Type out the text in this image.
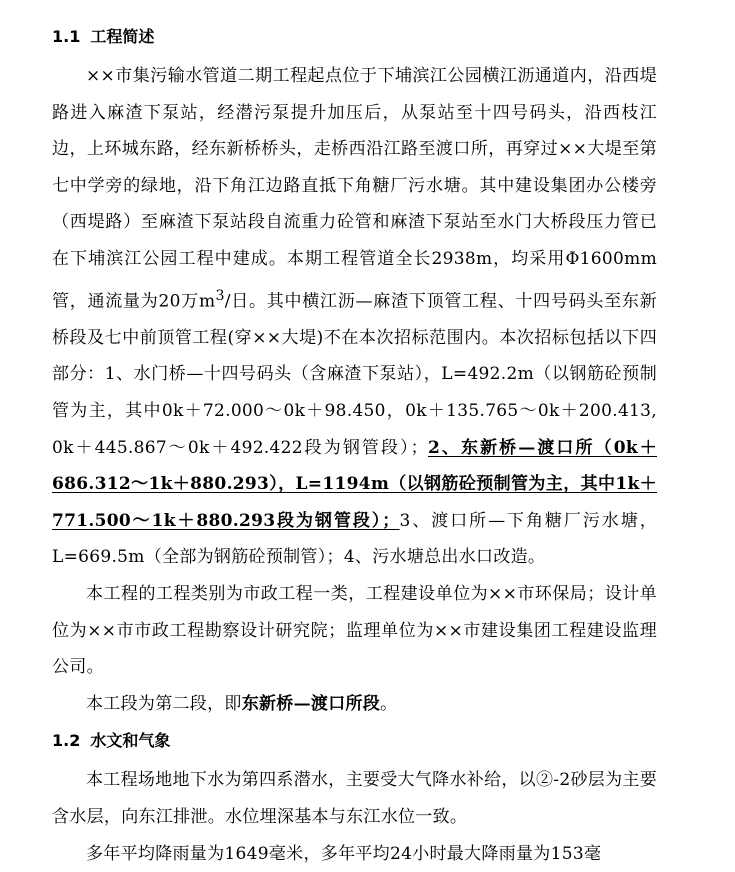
1.1 工程简述

××市集污输水管道二期工程起点位于下埔滨江公园横江沥通道内，沿西堤路进入麻渣下泵站，经潜污泵提升加压后，从泵站至十四号码头，沿西枝江边，上环城东路，经东新桥桥头，走桥西沿江路至渡口所，再穿过××大堤至第七中学旁的绿地，沿下角江边路直抵下角糖厂污水塘。其中建设集团办公楼旁（西堤路）至麻渣下泵站段自流重力砼管和麻渣下泵站至水门大桥段压力管已在下埔滨江公园工程中建成。本期工程管道全长2938m，均采用Φ1600mm管，通流量为20万$m^3/$日。其中横江沥—麻渣下顶管工程、十四号码头至东新桥段及七中前顶管工程(穿××大堤)不在本次招标范围内。本次招标包括以下四部分：1、水门桥—十四号码头（含麻渣下泵站），L=492.2m（以钢筋砼预制管为主，其中0k＋72.000～0k＋98.450，0k＋135.765～0k＋200.413, 0k＋445.867～0k＋492.422段为钢管段）；2、东新桥—渡口所（0k＋686.312～1k＋880.293），L=1194m（以钢筋砼预制管为主，其中1k＋771.500～1k＋880.293段为钢管段）；3、渡口所—下角糖厂污水塘，L=669.5m（全部为钢筋砼预制管）；4、污水塘总出水口改造。

本工程的工程类别为市政工程一类，工程建设单位为××市环保局；设计单位为××市市政工程勘察设计研究院；监理单位为××市建设集团工程建设监理公司。

本工段为第二段，即东新桥—渡口所段。

1.2 水文和气象

本工程场地地下水为第四系潜水，主要受大气降水补给，以②-2砂层为主要含水层，向东江排泄。水位埋深基本与东江水位一致。

多年平均降雨量为1649毫米，多年平均24小时最大降雨量为153毫
